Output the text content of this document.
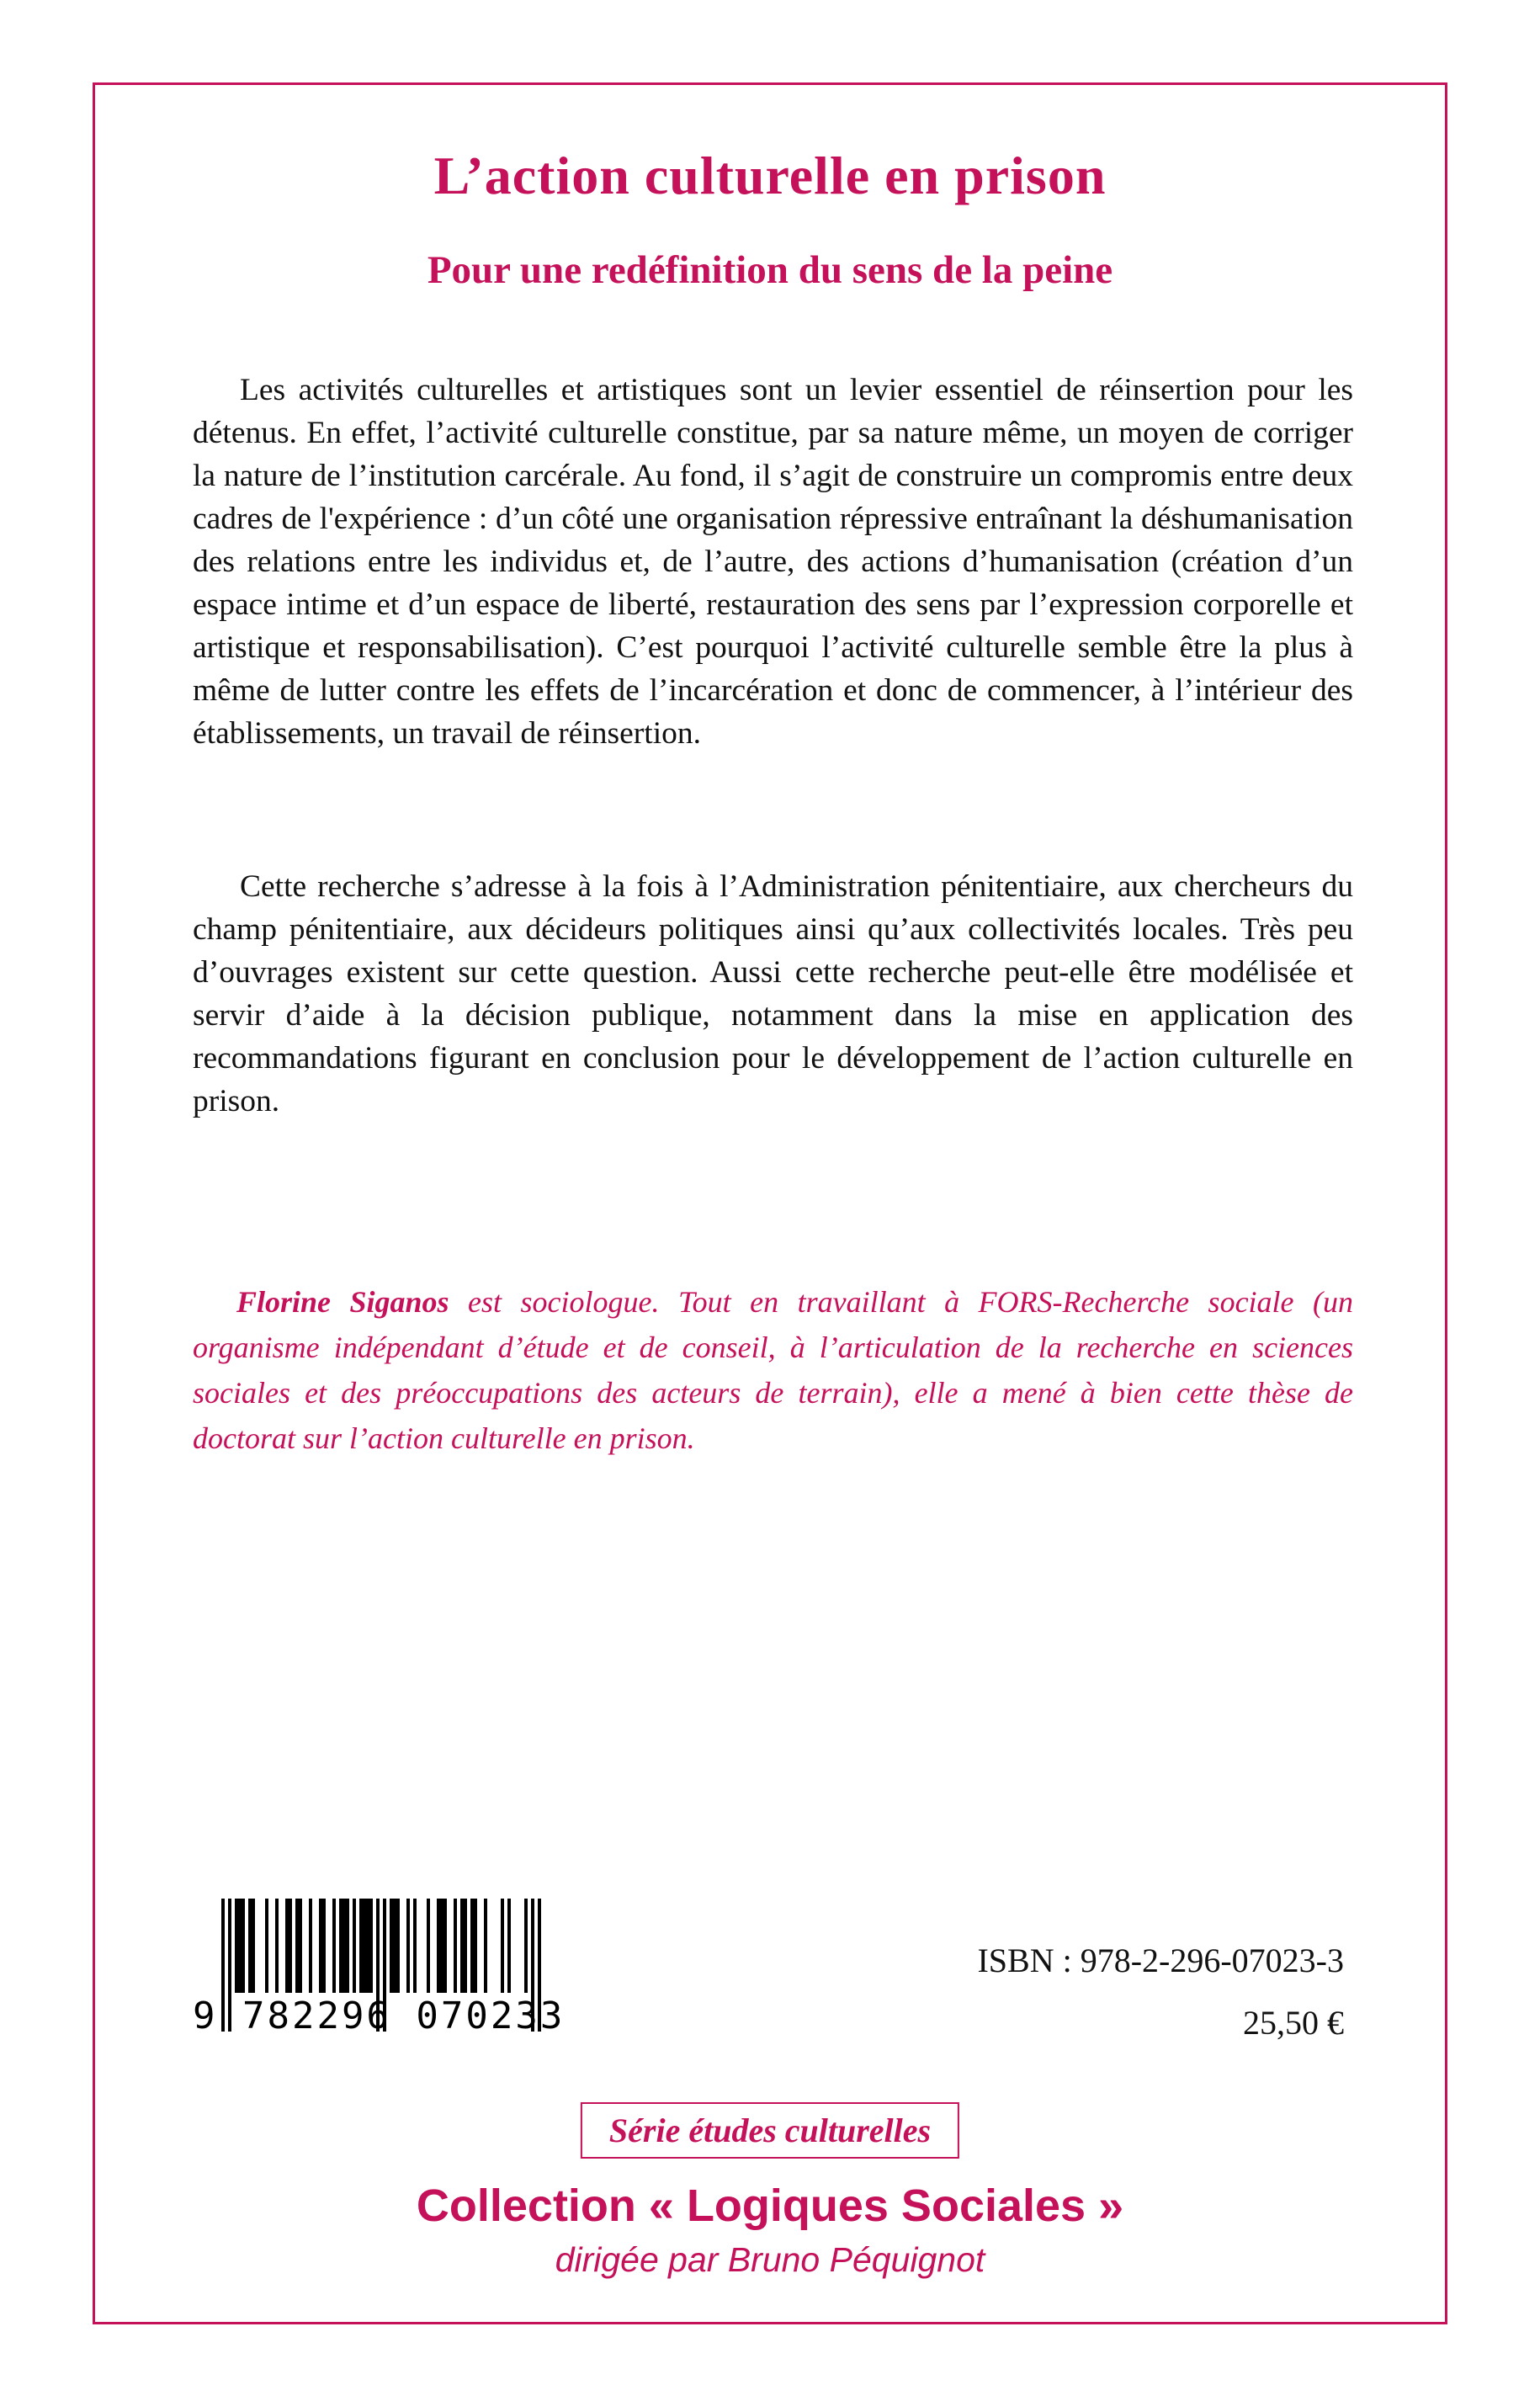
L’action culturelle en prison
Pour une redéfinition du sens de la peine
Les activités culturelles et artistiques sont un levier essentiel de réinsertion pour les détenus. En effet, l’activité culturelle constitue, par sa nature même, un moyen de corriger la nature de l’institution carcérale. Au fond, il s’agit de construire un compromis entre deux cadres de l'expérience : d’un côté une organisation répressive entraînant la déshumanisation des relations entre les individus et, de l’autre, des actions d’humanisation (création d’un espace intime et d’un espace de liberté, restauration des sens par l’expression corporelle et artistique et responsabilisation). C’est pourquoi l’activité culturelle semble être la plus à même de lutter contre les effets de l’incarcération et donc de commencer, à l’intérieur des établissements, un travail de réinsertion.
Cette recherche s’adresse à la fois à l’Administration pénitentiaire, aux chercheurs du champ pénitentiaire, aux décideurs politiques ainsi qu’aux collectivités locales. Très peu d’ouvrages existent sur cette question. Aussi cette recherche peut-elle être modélisée et servir d’aide à la décision publique, notamment dans la mise en application des recommandations figurant en conclusion pour le développement de l’action culturelle en prison.
Florine Siganos est sociologue. Tout en travaillant à FORS-Recherche sociale (un organisme indépendant d’étude et de conseil, à l’articulation de la recherche en sciences sociales et des préoccupations des acteurs de terrain), elle a mené à bien cette thèse de doctorat sur l’action culturelle en prison.
9 782296 070233
ISBN : 978-2-296-07023-3
25,50 €
Série études culturelles
Collection « Logiques Sociales »
dirigée par Bruno Péquignot
